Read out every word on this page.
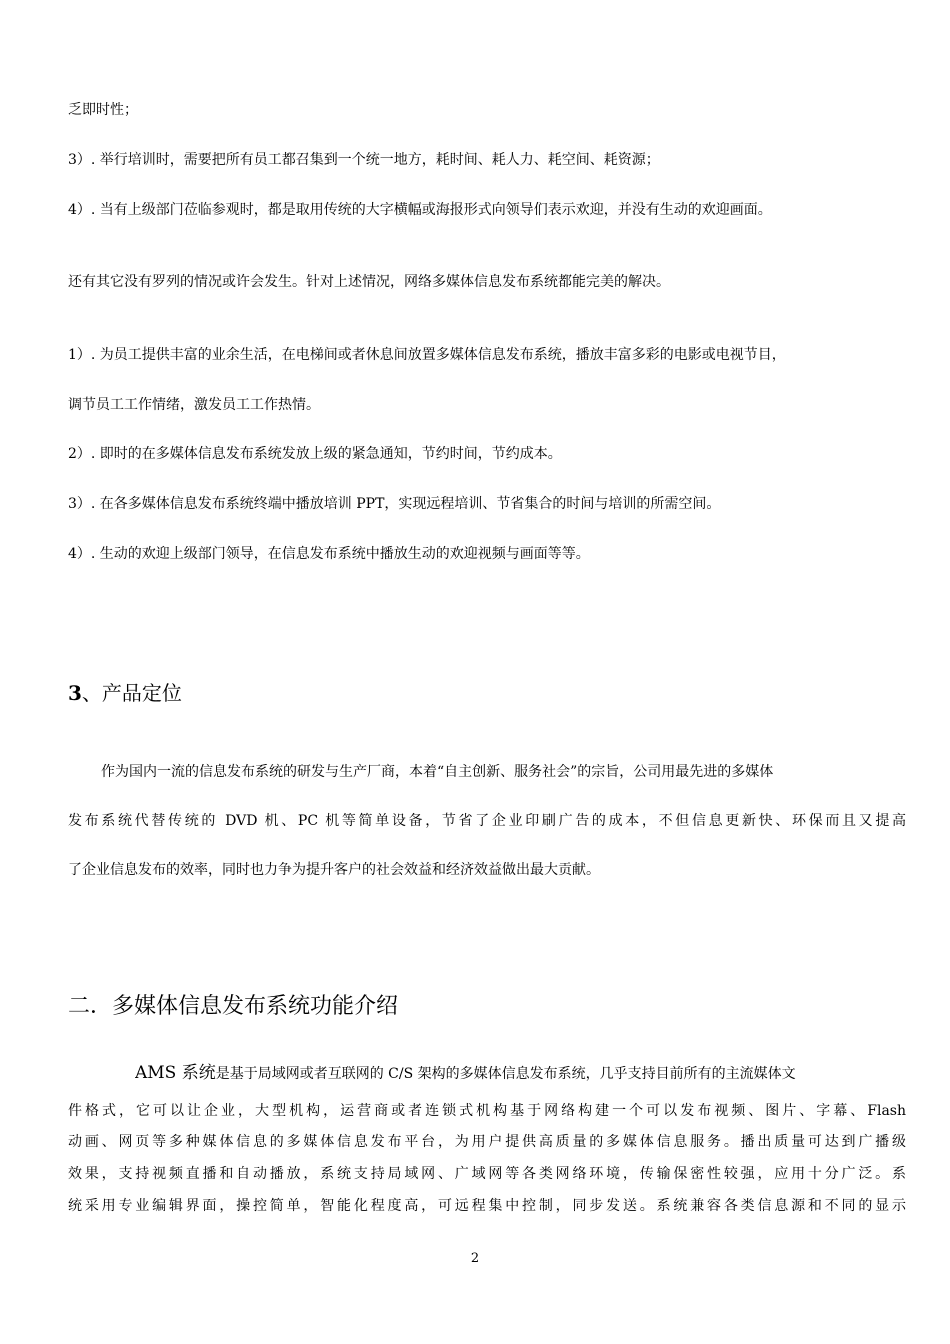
乏即时性；
3）. 举行培训时，需要把所有员工都召集到一个统一地方，耗时间、耗人力、耗空间、耗资源；
4）. 当有上级部门莅临参观时，都是取用传统的大字横幅或海报形式向领导们表示欢迎，并没有生动的欢迎画面。
还有其它没有罗列的情况或许会发生。针对上述情况，网络多媒体信息发布系统都能完美的解决。
1）. 为员工提供丰富的业余生活，在电梯间或者休息间放置多媒体信息发布系统，播放丰富多彩的电影或电视节目，
调节员工工作情绪，激发员工工作热情。
2）. 即时的在多媒体信息发布系统发放上级的紧急通知，节约时间，节约成本。
3）. 在各多媒体信息发布系统终端中播放培训 PPT，实现远程培训、节省集合的时间与培训的所需空间。
4）. 生动的欢迎上级部门领导，在信息发布系统中播放生动的欢迎视频与画面等等。
3、产品定位
作为国内一流的信息发布系统的研发与生产厂商，本着“自主创新、服务社会”的宗旨，公司用最先进的多媒体
发布系统代替传统的 DVD 机、PC 机等简单设备，节省了企业印刷广告的成本，不但信息更新快、环保而且又提高
了企业信息发布的效率，同时也力争为提升客户的社会效益和经济效益做出最大贡献。
二．多媒体信息发布系统功能介绍
AMS 系统是基于局域网或者互联网的 C/S 架构的多媒体信息发布系统，几乎支持目前所有的主流媒体文
件格式，它可以让企业，大型机构，运营商或者连锁式机构基于网络构建一个可以发布视频、图片、字幕、Flash
动画、网页等多种媒体信息的多媒体信息发布平台，为用户提供高质量的多媒体信息服务。播出质量可达到广播级
效果，支持视频直播和自动播放，系统支持局域网、广域网等各类网络环境，传输保密性较强，应用十分广泛。系
统采用专业编辑界面，操控简单，智能化程度高，可远程集中控制，同步发送。系统兼容各类信息源和不同的显示
2
